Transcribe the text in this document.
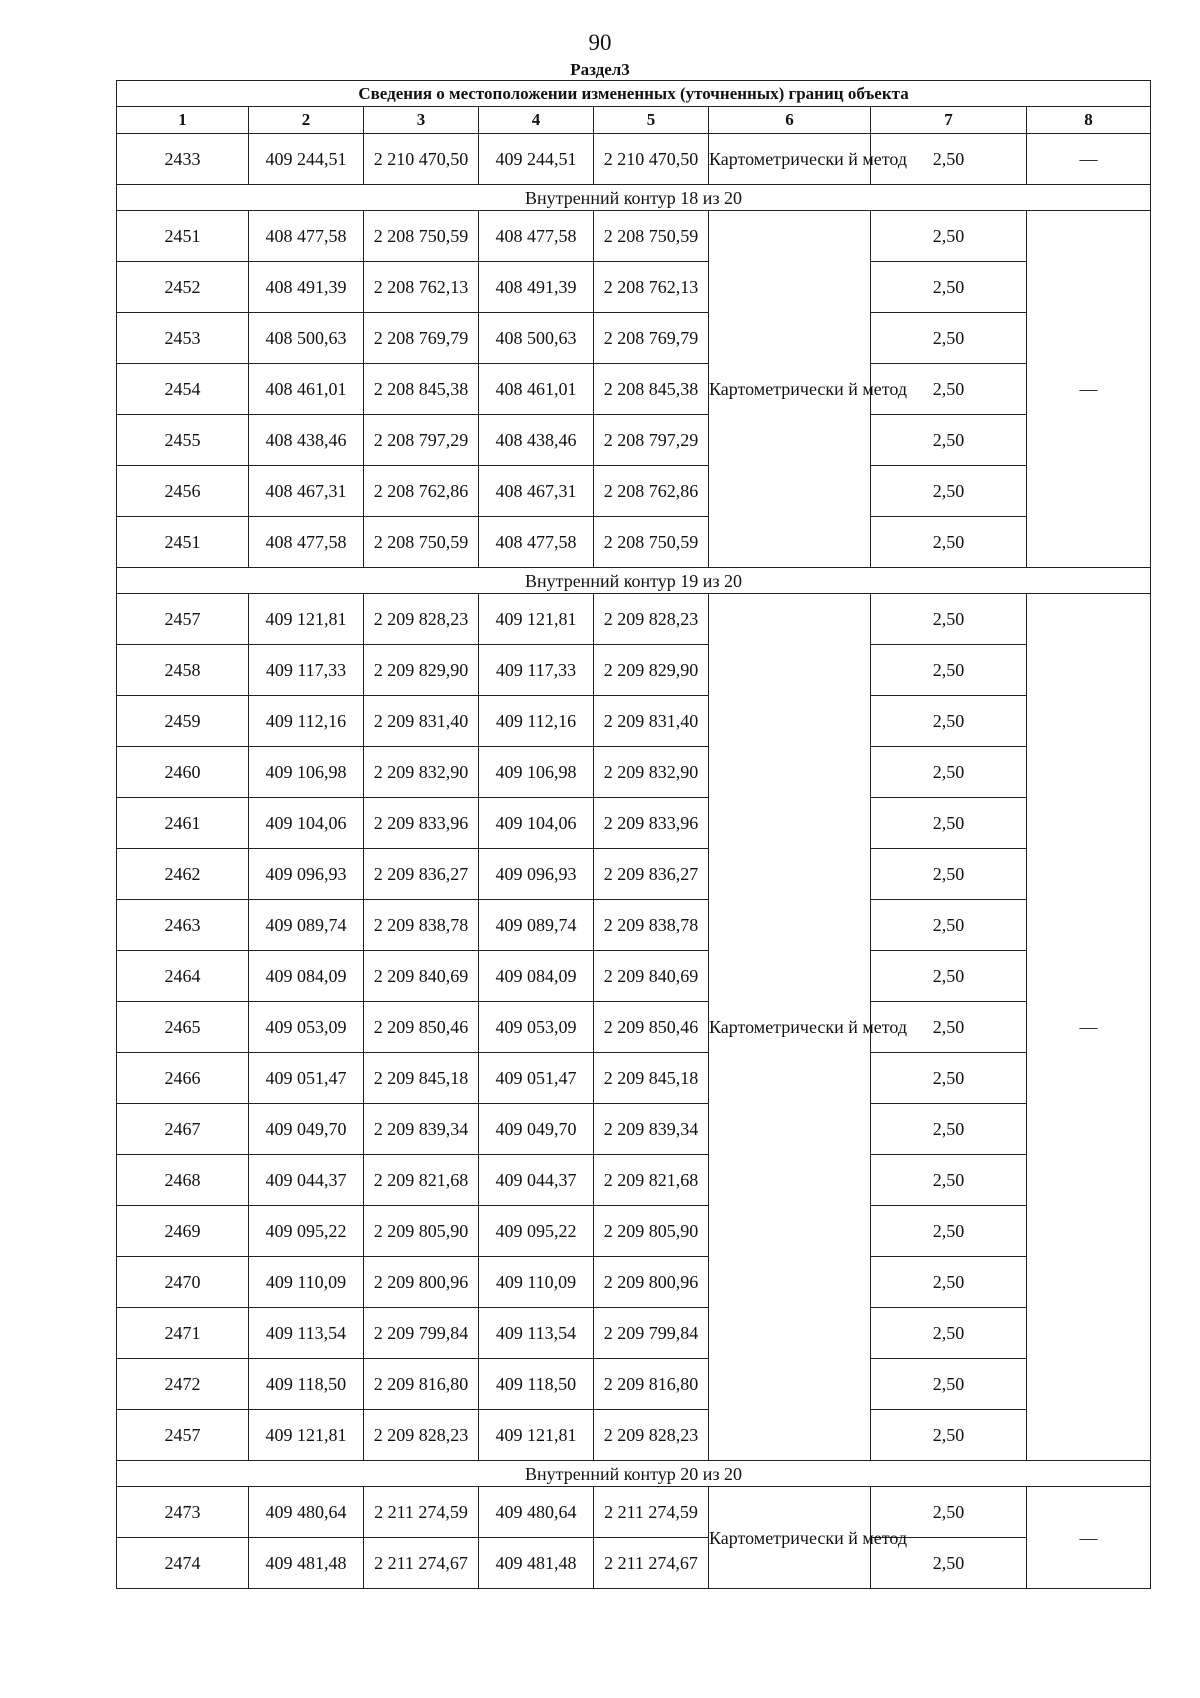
90
Раздел3
Сведения о местоположении измененных (уточненных) границ объекта							
1	2	3	4	5	6	7	8
2433	409 244,51	2 210 470,50	409 244,51	2 210 470,50	Картометрически й метод	2,50	—
Внутренний контур 18 из 20							
2451	408 477,58	2 208 750,59	408 477,58	2 208 750,59	Картометрически й метод	2,50	—
2452	408 491,39	2 208 762,13	408 491,39	2 208 762,13		2,50	
2453	408 500,63	2 208 769,79	408 500,63	2 208 769,79		2,50	
2454	408 461,01	2 208 845,38	408 461,01	2 208 845,38		2,50	
2455	408 438,46	2 208 797,29	408 438,46	2 208 797,29		2,50	
2456	408 467,31	2 208 762,86	408 467,31	2 208 762,86		2,50	
2451	408 477,58	2 208 750,59	408 477,58	2 208 750,59		2,50	
Внутренний контур 19 из 20							
2457	409 121,81	2 209 828,23	409 121,81	2 209 828,23	Картометрически й метод	2,50	—
2458	409 117,33	2 209 829,90	409 117,33	2 209 829,90		2,50	
2459	409 112,16	2 209 831,40	409 112,16	2 209 831,40		2,50	
2460	409 106,98	2 209 832,90	409 106,98	2 209 832,90		2,50	
2461	409 104,06	2 209 833,96	409 104,06	2 209 833,96		2,50	
2462	409 096,93	2 209 836,27	409 096,93	2 209 836,27		2,50	
2463	409 089,74	2 209 838,78	409 089,74	2 209 838,78		2,50	
2464	409 084,09	2 209 840,69	409 084,09	2 209 840,69		2,50	
2465	409 053,09	2 209 850,46	409 053,09	2 209 850,46		2,50	
2466	409 051,47	2 209 845,18	409 051,47	2 209 845,18		2,50	
2467	409 049,70	2 209 839,34	409 049,70	2 209 839,34		2,50	
2468	409 044,37	2 209 821,68	409 044,37	2 209 821,68		2,50	
2469	409 095,22	2 209 805,90	409 095,22	2 209 805,90		2,50	
2470	409 110,09	2 209 800,96	409 110,09	2 209 800,96		2,50	
2471	409 113,54	2 209 799,84	409 113,54	2 209 799,84		2,50	
2472	409 118,50	2 209 816,80	409 118,50	2 209 816,80		2,50	
2457	409 121,81	2 209 828,23	409 121,81	2 209 828,23		2,50	
Внутренний контур 20 из 20							
2473	409 480,64	2 211 274,59	409 480,64	2 211 274,59	Картометрически й метод	2,50	—
2474	409 481,48	2 211 274,67	409 481,48	2 211 274,67		2,50	
